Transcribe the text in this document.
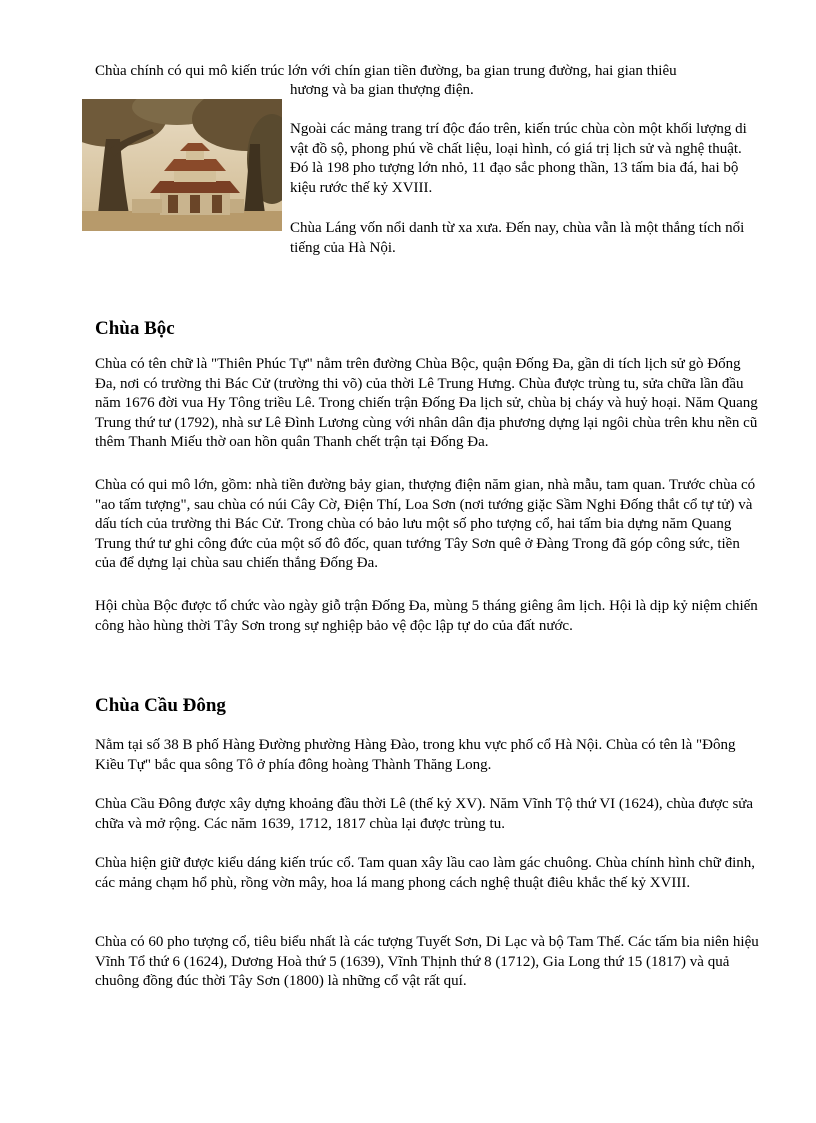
Chùa chính có qui mô kiến trúc lớn với chín gian tiền đường, ba gian trung đường, hai gian thiêu

hương và ba gian thượng điện.

Ngoài các mảng trang trí độc đáo trên, kiến trúc chùa còn một khối lượng di vật đồ sộ, phong phú về chất liệu, loại hình, có giá trị lịch sử và nghệ thuật. Đó là 198 pho tượng lớn nhỏ, 11 đạo sắc phong thần, 13 tấm bia đá, hai bộ kiệu rước thế kỷ XVIII.

Chùa Láng vốn nổi danh từ xa xưa. Đến nay, chùa vẫn là một thắng tích nổi tiếng của Hà Nội.

Chùa Bộc

Chùa có tên chữ là "Thiên Phúc Tự" nằm trên đường Chùa Bộc, quận Đống Đa, gần di tích lịch sử gò Đống Đa, nơi có trường thi Bác Cử (trường thi võ) của thời Lê Trung Hưng. Chùa được trùng tu, sửa chữa lần đầu năm 1676 đời vua Hy Tông triều Lê. Trong chiến trận Đống Đa lịch sử, chùa bị cháy và huỷ hoại. Năm Quang Trung thứ tư (1792), nhà sư Lê Đình Lương cùng với nhân dân địa phương dựng lại ngôi chùa trên khu nền cũ thêm Thanh Miếu thờ oan hồn quân Thanh chết trận tại Đống Đa.

Chùa có qui mô lớn, gồm: nhà tiền đường bảy gian, thượng điện năm gian, nhà mẫu, tam quan. Trước chùa có "ao tấm tượng", sau chùa có núi Cây Cờ, Điện Thí, Loa Sơn (nơi tướng giặc Sầm Nghi Đống thắt cổ tự tử) và dấu tích của trường thi Bác Cử. Trong chùa có bảo lưu một số pho tượng cổ, hai tấm bia dựng năm Quang Trung thứ tư ghi công đức của một số đô đốc, quan tướng Tây Sơn quê ở Đàng Trong đã góp công sức, tiền của để dựng lại chùa sau chiến thắng Đống Đa.

Hội chùa Bộc được tổ chức vào ngày giỗ trận Đống Đa, mùng 5 tháng giêng âm lịch. Hội là dịp kỷ niệm chiến công hào hùng thời Tây Sơn trong sự nghiệp bảo vệ độc lập tự do của đất nước.

Chùa Cầu Đông

Nằm tại số 38 B phố Hàng Đường phường Hàng Đào, trong khu vực phố cổ Hà Nội. Chùa có tên là "Đông Kiều Tự" bắc qua sông Tô ở phía đông hoàng Thành Thăng Long.

Chùa Cầu Đông được xây dựng khoảng đầu thời Lê (thế kỷ XV). Năm Vĩnh Tộ thứ VI (1624), chùa được sửa chữa và mở rộng. Các năm 1639, 1712, 1817 chùa lại được trùng tu.

Chùa hiện giữ được kiểu dáng kiến trúc cổ. Tam quan xây lầu cao làm gác chuông. Chùa chính hình chữ đinh, các mảng chạm hổ phù, rồng vờn mây, hoa lá mang phong cách nghệ thuật điêu khắc thế kỷ XVIII.

Chùa có 60 pho tượng cổ, tiêu biểu nhất là các tượng Tuyết Sơn, Di Lạc và bộ Tam Thế. Các tấm bia niên hiệu Vĩnh Tổ thứ 6 (1624), Dương Hoà thứ 5 (1639), Vĩnh Thịnh thứ 8 (1712), Gia Long thứ 15 (1817) và quả chuông đồng đúc thời Tây Sơn (1800) là những cổ vật rất quí.
